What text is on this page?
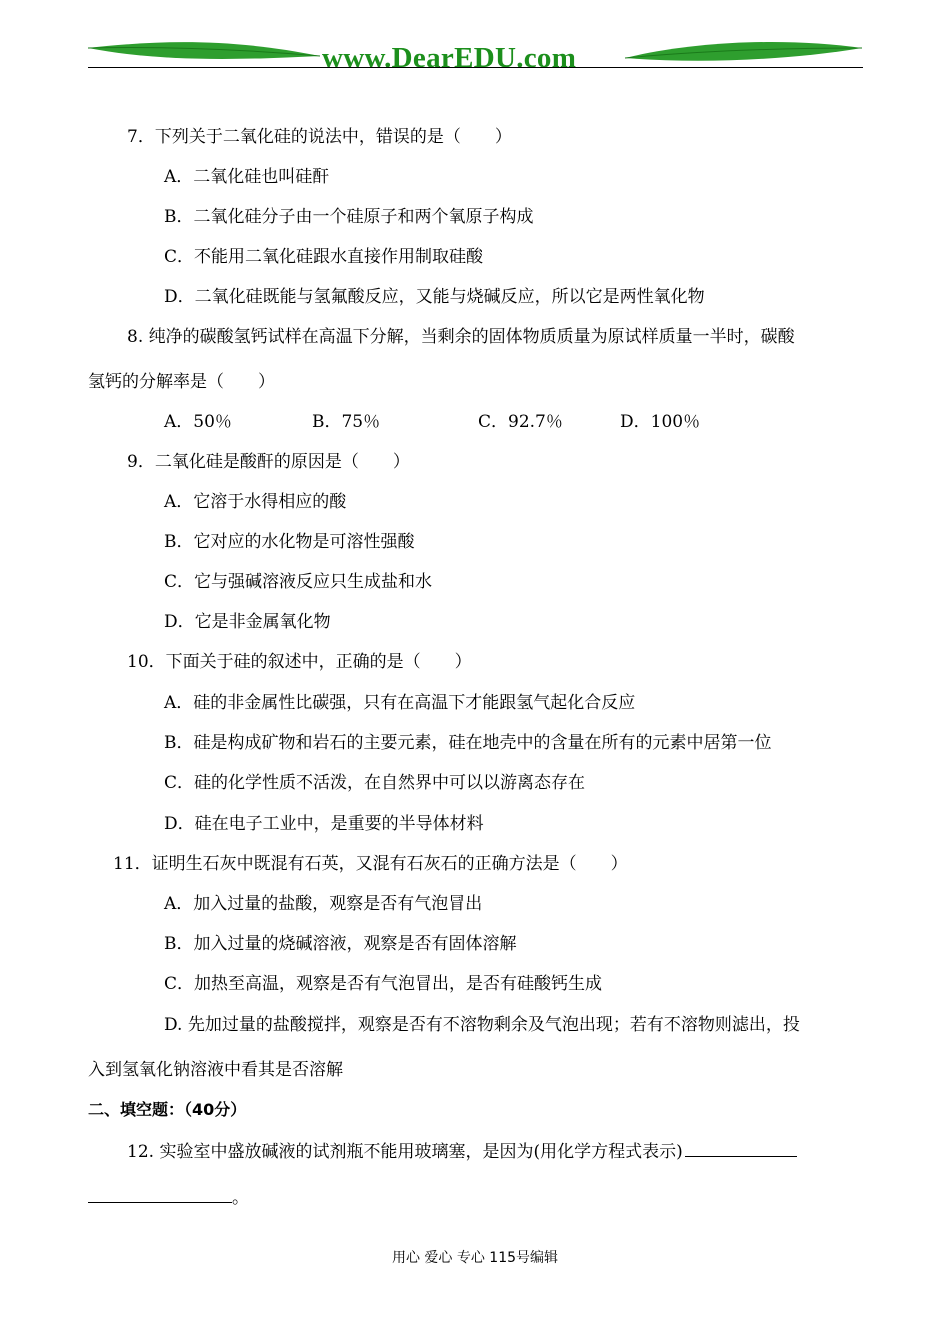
www.DearEDU.com
7．下列关于二氧化硅的说法中，错误的是（　　）
A．二氧化硅也叫硅酐
B．二氧化硅分子由一个硅原子和两个氧原子构成
C．不能用二氧化硅跟水直接作用制取硅酸
D．二氧化硅既能与氢氟酸反应，又能与烧碱反应，所以它是两性氧化物
8. 纯净的碳酸氢钙试样在高温下分解，当剩余的固体物质质量为原试样质量一半时，碳酸
氢钙的分解率是（　　）
A．50％	B．75％	C．92.7％	D．100％
9．二氧化硅是酸酐的原因是（　　）
A．它溶于水得相应的酸
B．它对应的水化物是可溶性强酸
C．它与强碱溶液反应只生成盐和水
D．它是非金属氧化物
10．下面关于硅的叙述中，正确的是（　　）
A．硅的非金属性比碳强，只有在高温下才能跟氢气起化合反应
B．硅是构成矿物和岩石的主要元素，硅在地壳中的含量在所有的元素中居第一位
C．硅的化学性质不活泼，在自然界中可以以游离态存在
D．硅在电子工业中，是重要的半导体材料
11．证明生石灰中既混有石英，又混有石灰石的正确方法是（　　）
A．加入过量的盐酸，观察是否有气泡冒出
B．加入过量的烧碱溶液，观察是否有固体溶解
C．加热至高温，观察是否有气泡冒出，是否有硅酸钙生成
D. 先加过量的盐酸搅拌，观察是否有不溶物剩余及气泡出现；若有不溶物则滤出，投
入到氢氧化钠溶液中看其是否溶解
二、填空题：（40分）
12. 实验室中盛放碱液的试剂瓶不能用玻璃塞，是因为(用化学方程式表示)
。
用心 爱心 专心 115号编辑
